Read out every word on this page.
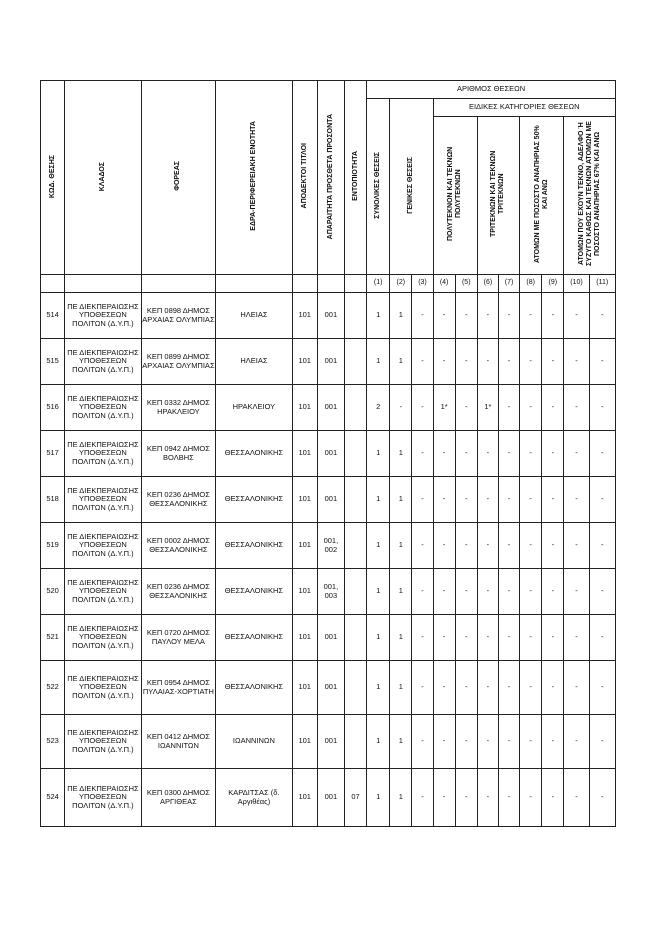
ΚΩΔ. ΘΕΣΗΣ	ΚΛΑΔΟΣ	ΦΟΡΕΑΣ	ΕΔΡΑ-ΠΕΡΙΦΕΡΕΙΑΚΗ ΕΝΟΤΗΤΑ	ΑΠΟΔΕΚΤΟΙ ΤΙΤΛΟΙ	ΑΠΑΡΑΙΤΗΤΑ ΠΡΟΣΘΕΤΑ ΠΡΟΣΟΝΤΑ	ΕΝΤΟΠΙΟΤΗΤΑ	ΑΡΙΘΜΟΣ ΘΕΣΕΩΝ										
							ΣΥΝΟΛΙΚΕΣ ΘΕΣΕΙΣ	ΓΕΝΙΚΕΣ ΘΕΣΕΙΣ		ΕΙΔΙΚΕΣ ΚΑΤΗΓΟΡΙΕΣ ΘΕΣΕΩΝ							
										ΠΟΛΥΤΕΚΝΟΝ ΚΑΙ ΤΕΚΝΩΝ ΠΟΛΥΤΕΚΝΩΝ		ΤΡΙΤΕΚΝΩΝ ΚΑΙ ΤΕΚΝΩΝ ΤΡΙΤΕΚΝΩΝ		ΑΤΟΜΩΝ ΜΕ ΠΟΣΟΣΤΟ ΑΝΑΠΗΡΙΑΣ 50% ΚΑΙ ΑΝΩ		ΑΤΟΜΩΝ ΠΟΥ ΕΧΟΥΝ ΤΕΚΝΟ, ΑΔΕΛΦΟ Ή ΣΥΖΥΓΟ ΚΑΘΩΣ ΚΑΙ ΤΕΚΝΩΝ ΑΤΟΜΩΝ ΜΕ ΠΟΣΟΣΤΟ ΑΝΑΠΗΡΙΑΣ 67% ΚΑΙ ΑΝΩ	
							(1)	(2)	(3)	(4)	(5)	(6)	(7)	(8)	(9)	(10)	(11)
514	ΠΕ ΔΙΕΚΠΕΡΑΙΩΣΗΣ ΥΠΟΘΕΣΕΩΝ ΠΟΛΙΤΩΝ (Δ.Υ.Π.)	ΚΕΠ 0898 ΔΗΜΟΣ ΑΡΧΑΙΑΣ ΟΛΥΜΠΙΑΣ	ΗΛΕΙΑΣ	101	001		1	1	-	-	-	-	-	-	-	-	-
515	ΠΕ ΔΙΕΚΠΕΡΑΙΩΣΗΣ ΥΠΟΘΕΣΕΩΝ ΠΟΛΙΤΩΝ (Δ.Υ.Π.)	ΚΕΠ 0899 ΔΗΜΟΣ ΑΡΧΑΙΑΣ ΟΛΥΜΠΙΑΣ	ΗΛΕΙΑΣ	101	001		1	1	-	-	-	-	-	-	-	-	-
516	ΠΕ ΔΙΕΚΠΕΡΑΙΩΣΗΣ ΥΠΟΘΕΣΕΩΝ ΠΟΛΙΤΩΝ (Δ.Υ.Π.)	ΚΕΠ 0332 ΔΗΜΟΣ ΗΡΑΚΛΕΙΟΥ	ΗΡΑΚΛΕΙΟΥ	101	001		2	-	-	1*	-	1*	-	-	-	-	-
517	ΠΕ ΔΙΕΚΠΕΡΑΙΩΣΗΣ ΥΠΟΘΕΣΕΩΝ ΠΟΛΙΤΩΝ (Δ.Υ.Π.)	ΚΕΠ 0942 ΔΗΜΟΣ ΒΟΛΒΗΣ	ΘΕΣΣΑΛΟΝΙΚΗΣ	101	001		1	1	-	-	-	-	-	-	-	-	-
518	ΠΕ ΔΙΕΚΠΕΡΑΙΩΣΗΣ ΥΠΟΘΕΣΕΩΝ ΠΟΛΙΤΩΝ (Δ.Υ.Π.)	ΚΕΠ 0236 ΔΗΜΟΣ ΘΕΣΣΑΛΟΝΙΚΗΣ	ΘΕΣΣΑΛΟΝΙΚΗΣ	101	001		1	1	-	-	-	-	-	-	-	-	-
519	ΠΕ ΔΙΕΚΠΕΡΑΙΩΣΗΣ ΥΠΟΘΕΣΕΩΝ ΠΟΛΙΤΩΝ (Δ.Υ.Π.)	ΚΕΠ 0002 ΔΗΜΟΣ ΘΕΣΣΑΛΟΝΙΚΗΣ	ΘΕΣΣΑΛΟΝΙΚΗΣ	101	001, 002		1	1	-	-	-	-	-	-	-	-	-
520	ΠΕ ΔΙΕΚΠΕΡΑΙΩΣΗΣ ΥΠΟΘΕΣΕΩΝ ΠΟΛΙΤΩΝ (Δ.Υ.Π.)	ΚΕΠ 0236 ΔΗΜΟΣ ΘΕΣΣΑΛΟΝΙΚΗΣ	ΘΕΣΣΑΛΟΝΙΚΗΣ	101	001, 003		1	1	-	-	-	-	-	-	-	-	-
521	ΠΕ ΔΙΕΚΠΕΡΑΙΩΣΗΣ ΥΠΟΘΕΣΕΩΝ ΠΟΛΙΤΩΝ (Δ.Υ.Π.)	ΚΕΠ 0720 ΔΗΜΟΣ ΠΑΥΛΟΥ ΜΕΛΑ	ΘΕΣΣΑΛΟΝΙΚΗΣ	101	001		1	1	-	-	-	-	-	-	-	-	-
522	ΠΕ ΔΙΕΚΠΕΡΑΙΩΣΗΣ ΥΠΟΘΕΣΕΩΝ ΠΟΛΙΤΩΝ (Δ.Υ.Π.)	ΚΕΠ 0954 ΔΗΜΟΣ ΠΥΛΑΙΑΣ-ΧΟΡΤΙΑΤΗ	ΘΕΣΣΑΛΟΝΙΚΗΣ	101	001		1	1	-	-	-	-	-	-	-	-	-
523	ΠΕ ΔΙΕΚΠΕΡΑΙΩΣΗΣ ΥΠΟΘΕΣΕΩΝ ΠΟΛΙΤΩΝ (Δ.Υ.Π.)	ΚΕΠ 0412 ΔΗΜΟΣ ΙΩΑΝΝΙΤΩΝ	ΙΩΑΝΝΙΝΩΝ	101	001		1	1	-	-	-	-	-	-	-	-	-
524	ΠΕ ΔΙΕΚΠΕΡΑΙΩΣΗΣ ΥΠΟΘΕΣΕΩΝ ΠΟΛΙΤΩΝ (Δ.Υ.Π.)	ΚΕΠ 0300 ΔΗΜΟΣ ΑΡΓΙΘΕΑΣ	ΚΑΡΔΙΤΣΑΣ (δ. Αργιθέας)	101	001	07	1	1	-	-	-	-	-	-	-	-	-
